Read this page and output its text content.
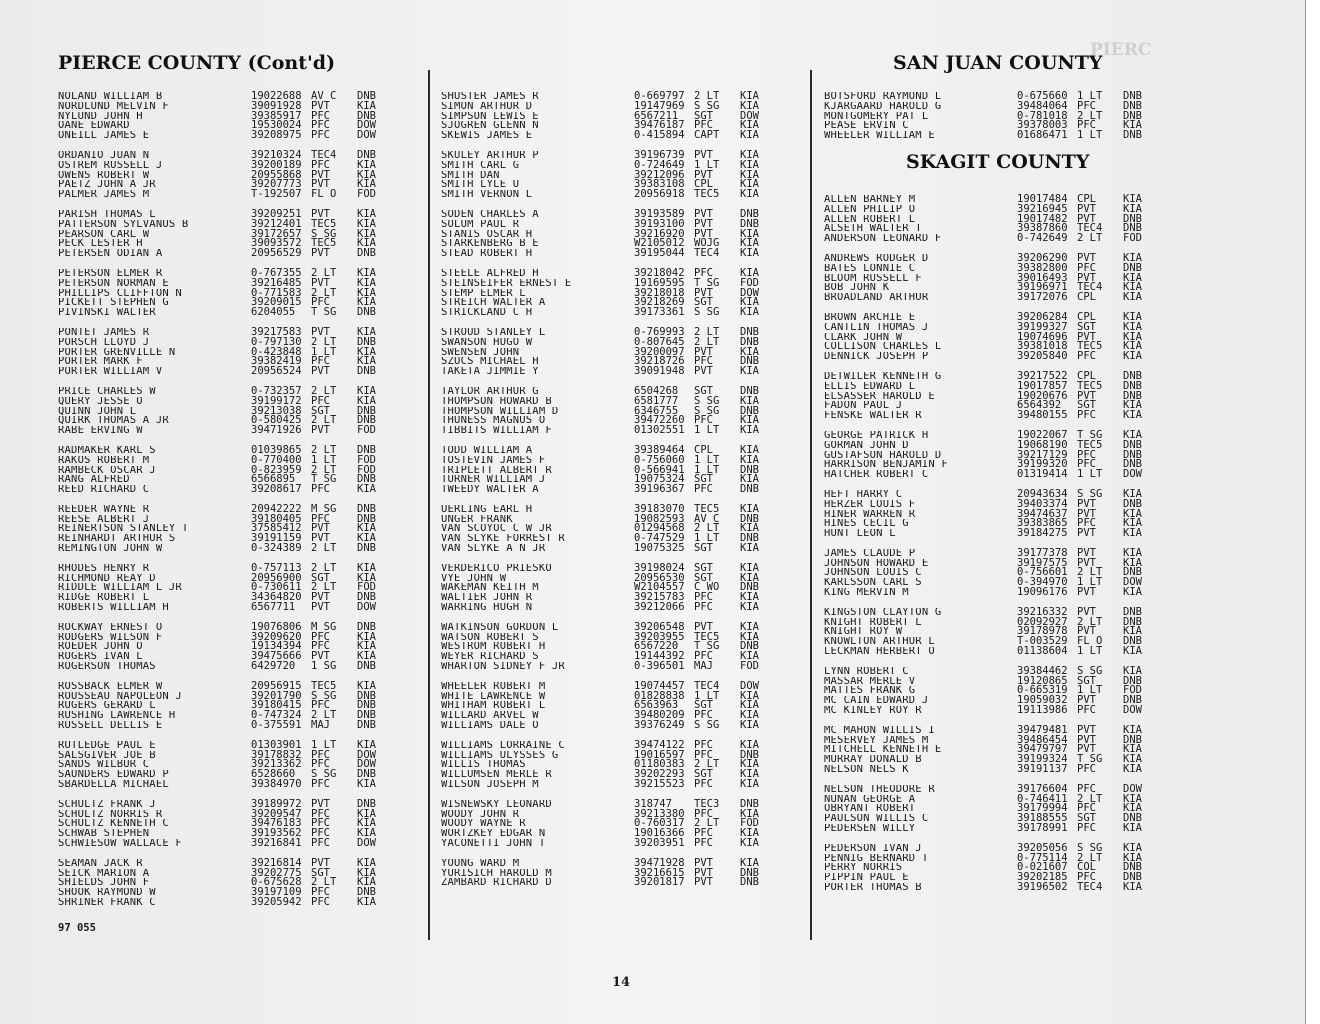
PIERC
PIERCE COUNTY (Cont'd)	SAN JUAN COUNTY
NOLAND WILLIAM B	19022688 AV C	DNB
NORDLUND MELVIN F	39091928 PVT	KIA
NYLUND JOHN H	39385917 PFC	DNB
OANE EDWARD	19530024 PFC	DOW
ONEILL JAMES E	39208975 PFC	DOW
ORDANIO JUAN N	39210324 TEC4	DNB
OSTREM RUSSELL J	39200189 PFC	KIA
OWENS ROBERT W	20955868 PVT	KIA
PAETZ JOHN A JR	39207773 PVT	KIA
PALMER JAMES M	T-192507 FL O	FOD
PARISH THOMAS L	39209251 PVT	KIA
PATTERSON SYLVANUS B	39212401 TEC5	KIA
PEARSON CARL W	39172657 S SG	KIA
PECK LESTER H	39093572 TEC5	KIA
PETERSEN ODIAN A	20956529 PVT	DNB
PETERSON ELMER R	0-767355 2 LT	KIA
PETERSON NORMAN E	39216485 PVT	KIA
PHILLIPS CLIFFTON N	0-771583 2 LT	KIA
PICKETT STEPHEN G	39209015 PFC	KIA
PIVINSKI WALTER	6204055	T SG	DNB
PONTET JAMES R	39217583 PVT	KIA
PORSCH LLOYD J	0-797130 2 LT	DNB
PORTER GRENVILLE N	0-423848 1 LT	KIA
PORTER MARK F	39382419 PFC	KIA
PORTER WILLIAM V	20956524 PVT	DNB
PRICE CHARLES W	0-732357 2 LT	KIA
QUERY JESSE O	39199172 PFC	KIA
QUINN JOHN L	39213038 SGT	DNB
QUIRK THOMAS A JR	0-580425 2 LT	DNB
RABE ERVING W	39471926 PVT	FOD
RADMAKER KARL S	01039865 2 LT	DNB
RAKOS ROBERT M	0-770400 1 LT	FOD
RAMBECK OSCAR J	0-823959 2 LT	FOD
RANG ALFRED	6566895	T SG	DNB
REED RICHARD C	39208617 PFC	KIA
REEDER WAYNE R	20942222 M SG	DNB
REESE ALBERT J	39180405 PFC	DNB
REINERTSON STANLEY T	37585412 PVT	KIA
REINHARDT ARTHUR S	39191159 PVT	KIA
REMINGTON JOHN W	0-324389 2 LT	DNB
RHODES HENRY R	0-757113 2 LT	KIA
RICHMOND REAY D	20956900 SGT	KIA
RIDDLE WILLIAM L JR	0-730611 2 LT	FOD
RIDGE ROBERT L	34364820 PVT	DNB
ROBERTS WILLIAM H	6567711	PVT	DOW
ROCKWAY ERNEST O	19076806 M SG	DNB
RODGERS WILSON F	39209620 PFC	KIA
ROEDER JOHN O	19134394 PFC	KIA
ROGERS IVAN L	39475666 PVT	KIA
ROGERSON THOMAS	6429720	1 SG	DNB
ROSSBACK ELMER W	20956915 TEC5	KIA
ROUSSEAU NAPOLEON J	39201790 S SG	DNB
RUGERS GERARD L	39180415 PFC	DNB
RUSHING LAWRENCE H	0-747324 2 LT	DNB
RUSSELL DELLIS E	0-375591 MAJ	DNB
RUTLEDGE PAUL E	01303901 1 LT	KIA
SALSGIVER JOE B	39178832 PFC	DOW
SANDS WILBUR C	39213362 PFC	DOW
SAUNDERS EDWARD P	6528660	S SG	DNB
SBARDELLA MICHAEL	39384970 PFC	KIA
SCHULTZ FRANK J	39189972 PVT	DNB
SCHULTZ NORRIS R	39209547 PFC	KIA
SCHULTZ KENNETH C	39476183 PFC	KIA
SCHWAB STEPHEN	39193562 PFC	KIA
SCHWIESOW WALLACE F	39216841 PFC	DOW
SEAMAN JACK R	39216814 PVT	KIA
SEICK MARION A	39202775 SGT	KIA
SHIELDS JOHN F	0-675628 2 LT	KIA
SHOOK RAYMOND W	39197109 PFC	DNB
SHRINER FRANK C	39205942 PFC	KIA
SHUSTER JAMES R	0-669797 2 LT	KIA
SIMON ARTHUR D	19147969 S SG	KIA
SIMPSON LEWIS E	6567211	SGT	DOW
SJOGREN GLENN N	39476187 PFC	KIA
SKEWIS JAMES E	0-415894 CAPT	KIA
SKULEY ARTHUR P	39196739 PVT	KIA
SMITH CARL G	0-724649 1 LT	KIA
SMITH DAN	39212096 PVT	KIA
SMITH LYLE U	39383108 CPL	KIA
SMITH VERNON L	20956918 TEC5	KIA
SODEN CHARLES A	39193589 PVT	DNB
SOLUM PAUL R	39193100 PVT	DNB
STANIS OSCAR H	39216920 PVT	KIA
STARKENBERG B E	W2105012 WOJG	KIA
STEAD ROBERT H	39195044 TEC4	KIA
STEELE ALFRED H	39218042 PFC	KIA
STEINSEIFER ERNEST E	19169595 T SG	FOD
STEMP ELMER L	39218018 PVT	DOW
STREICH WALTER A	39218269 SGT	KIA
STRICKLAND C H	39173361 S SG	KIA
STROUD STANLEY L	0-769993 2 LT	DNB
SWANSON HUGO W	0-807645 2 LT	DNB
SWENSEN JOHN	39200097 PVT	KIA
SZUCS MICHAEL H	39218726 PFC	DNB
TAKETA JIMMIE Y	39091948 PVT	KIA
TAYLOR ARTHUR G	6504268	SGT	DNB
THOMPSON HOWARD B	6581777	S SG	KIA
THOMPSON WILLIAM D	6346755	S SG	DNB
THUNESS MAGNUS O	39472260 PFC	KIA
TIBBITS WILLIAM F	01302551 1 LT	KIA
TODD WILLIAM A	39389464 CPL	KIA
TOSTEVIN JAMES F	0-756060 1 LT	KIA
TRIPLETT ALBERT R	0-566941 1 LT	DNB
TURNER WILLIAM J	19075324 SGT	KIA
TWEEDY WALTER A	39196367 PFC	DNB
UERLING EARL H	39183070 TEC5	KIA
UNGER FRANK	19082593 AV C	DNB
VAN SCOYOC C W JR	01294568 2 LT	KIA
VAN SLYKE FORREST R	0-747529 1 LT	DNB
VAN SLYKE A N JR	19075325 SGT	KIA
VERDERICO PRIESKO	39198024 SGT	KIA
VYE JOHN W	20956530 SGT	KIA
WAKEMAN KEITH M	W2104557 C WO	DNB
WALTIER JOHN R	39215783 PFC	KIA
WARRING HUGH N	39212066 PFC	KIA
WATKINSON GORDON L	39206548 PVT	KIA
WATSON ROBERT S	39203955 TEC5	KIA
WESTROM ROBERT H	6567220	T SG	DNB
WEYER RICHARD S	19144392 PFC	KIA
WHARTON SIDNEY F JR	0-396501 MAJ	FOD
WHEELER ROBERT M	19074457 TEC4	DOW
WHITE LAWRENCE W	01828838 1 LT	KIA
WHITHAM ROBERT L	6563963	SGT	KIA
WILLARD ARVEL W	39480209 PFC	KIA
WILLIAMS DALE O	39376249 S SG	KIA
WILLIAMS LORRAINE C	39474122 PFC	KIA
WILLIAMS ULYSSES G	19016597 PFC	DNB
WILLIS THOMAS	01180383 2 LT	KIA
WILLUMSEN MERLE R	39202293 SGT	KIA
WILSON JOSEPH M	39215523 PFC	KIA
WISNEWSKY LEONARD	318747	TEC3	DNB
WOODY JOHN R	39213380 PFC	KIA
WOODY WAYNE R	0-760317 2 LT	FOD
WORTZKEY EDGAR N	19016366 PFC	KIA
YACONETTI JOHN T	39203951 PFC	KIA
YOUNG WARD M	39471928 PVT	KIA
YURISICH HAROLD M	39216615 PVT	DNB
ZAMBARD RICHARD D	39201817 PVT	DNB
BOTSFORD RAYMOND L	0-675660 1 LT	DNB
KJARGAARD HAROLD G	39484064 PFC	DNB
MONTGOMERY PAT L	0-781018 2 LT	DNB
PEASE ERVIN C	39378003 PFC	KIA
WHEELER WILLIAM E	01686471 1 LT	DNB
SKAGIT COUNTY
ALLEN BARNEY M	19017484 CPL	KIA
ALLEN PHILIP O	39216945 PVT	KIA
ALLEN ROBERT L	19017482 PVT	DNB
ALSETH WALTER T	39387860 TEC4	DNB
ANDERSON LEONARD F	0-742649 2 LT	FOD
ANDREWS RODGER D	39206290 PVT	KIA
BATES LONNIE C	39382800 PFC	DNB
BLOOM RUSSELL F	39016493 PVT	KIA
BOB JOHN K	39196971 TEC4	KIA
BROADLAND ARTHUR	39172076 CPL	KIA
BROWN ARCHIE E	39206284 CPL	KIA
CANTLIN THOMAS J	39199327 SGT	KIA
CLARK JOHN W	19074696 PVT	KIA
COLLISON CHARLES L	39381018 TEC5	KIA
DENNICK JOSEPH P	39205840 PFC	KIA
DETWILER KENNETH G	39217522 CPL	DNB
ELLIS EDWARD L	19017857 TEC5	DNB
ELSASSER HAROLD E	19020676 PVT	DNB
FADON PAUL J	6564392	SGT	KIA
FENSKE WALTER R	39480155 PFC	KIA
GEORGE PATRICK H	19022067 T SG	KIA
GORMAN JOHN D	19068190 TEC5	DNB
GUSTAFSON HAROLD D	39217129 PFC	DNB
HARRISON BENJAMIN F	39199320 PFC	DNB
HATCHER ROBERT C	01319414 1 LT	DOW
HEFT HARRY C	20943634 S SG	KIA
HERZER LOUIS F	39403374 PVT	DNB
HINER WARREN R	39474637 PVT	KIA
HINES CECIL G	39383865 PFC	KIA
HUNT LEON L	39184275 PVT	KIA
JAMES CLAUDE P	39177378 PVT	KIA
JOHNSON HOWARD E	39197575 PVT	KIA
JOHNSON LOUIS C	0-756601 2 LT	DNB
KARLSSON CARL S	0-394970 1 LT	DOW
KING MERVIN M	19096176 PVT	KIA
KINGSTON CLAYTON G	39216332 PVT	DNB
KNIGHT ROBERT L	02092927 2 LT	DNB
KNIGHT ROY W	39178978 PVT	KIA
KNOWLTON ARTHUR L	T-003529 FL O	DNB
LECKMAN HERBERT O	01138604 1 LT	KIA
LYNN ROBERT C	39384462 S SG	KIA
MASSAR MERLE V	19120865 SGT	DNB
MATTES FRANK G	0-665319 1 LT	FOD
MC CAIN EDWARD J	19059032 PVT	DNB
MC KINLEY ROY R	19113986 PFC	DOW
MC MAHON WILLIS I	39479481 PVT	KIA
MESERVEY JAMES M	39486454 PVT	DNB
MITCHELL KENNETH E	39479797 PVT	KIA
MURRAY DONALD B	39199324 T SG	KIA
NELSON NELS K	39191137 PFC	KIA
NELSON THEODORE R	39176604 PFC	DOW
NUNAN GEORGE A	0-746411 2 LT	KIA
OBRYANT ROBERT	39179994 PFC	KIA
PAULSON WILLIS C	39188555 SGT	DNB
PEDERSEN WILLY	39178991 PFC	KIA
PEDERSON IVAN J	39205056 S SG	KIA
PENNIG BERNARD T	0-775114 2 LT	KIA
PERRY NORRIS	0-021607 COL	DNB
PIPPIN PAUL E	39202185 PFC	DNB
PORTER THOMAS B	39196502 TEC4	KIA
97 055
14
